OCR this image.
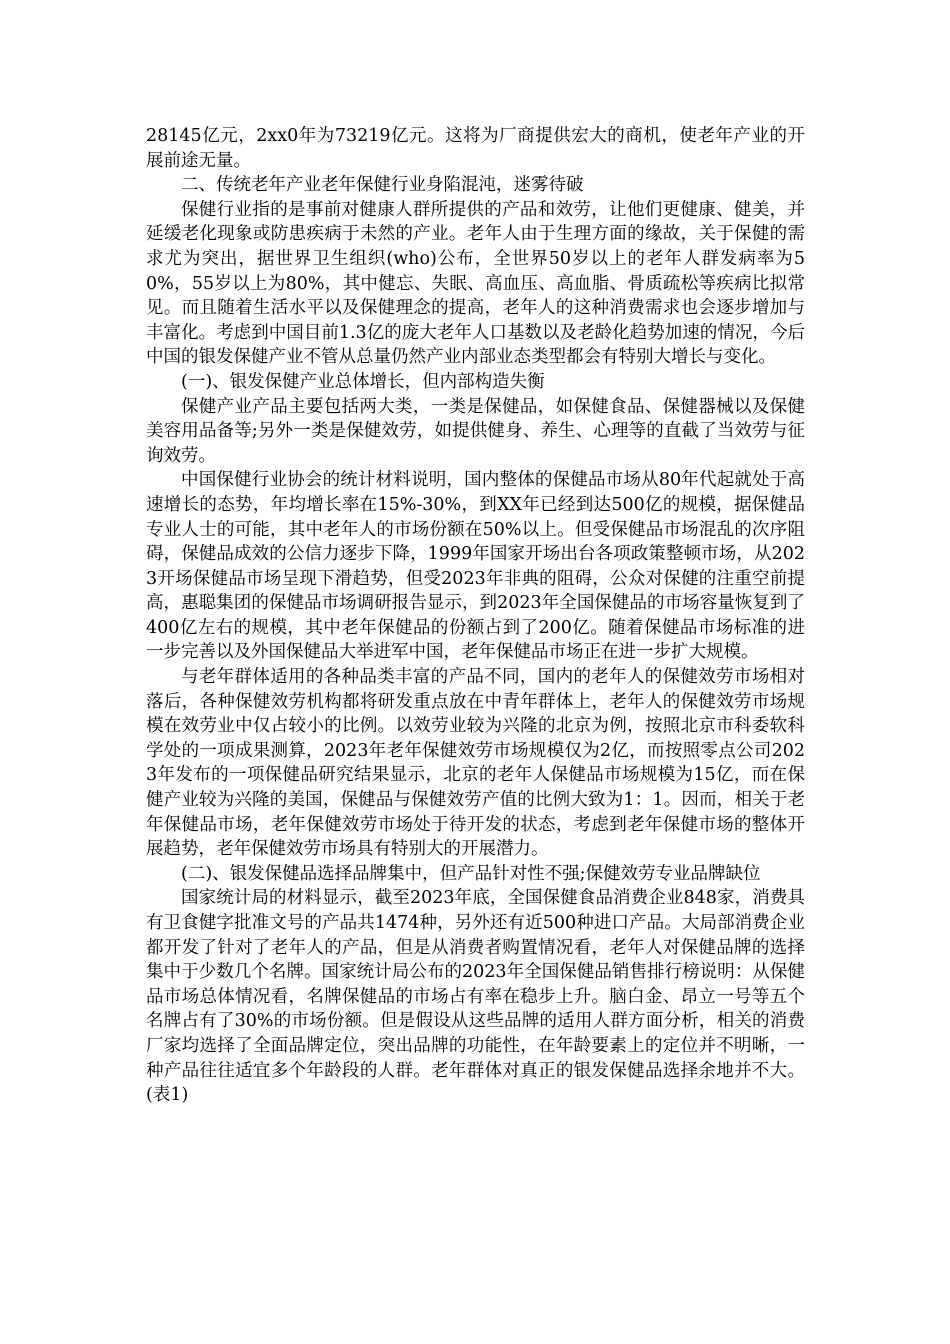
28145亿元，2xx0年为73219亿元。这将为厂商提供宏大的商机，使老年产业的开展前途无量。

二、传统老年产业老年保健行业身陷混沌，迷雾待破

保健行业指的是事前对健康人群所提供的产品和效劳，让他们更健康、健美，并延缓老化现象或防患疾病于未然的产业。老年人由于生理方面的缘故，关于保健的需求尤为突出，据世界卫生组织(who)公布，全世界50岁以上的老年人群发病率为50%，55岁以上为80%，其中健忘、失眠、高血压、高血脂、骨质疏松等疾病比拟常见。而且随着生活水平以及保健理念的提高，老年人的这种消费需求也会逐步增加与丰富化。考虑到中国目前1.3亿的庞大老年人口基数以及老龄化趋势加速的情况，今后中国的银发保健产业不管从总量仍然产业内部业态类型都会有特别大增长与变化。

(一)、银发保健产业总体增长，但内部构造失衡

保健产业产品主要包括两大类，一类是保健品，如保健食品、保健器械以及保健美容用品备等;另外一类是保健效劳，如提供健身、养生、心理等的直截了当效劳与征询效劳。

中国保健行业协会的统计材料说明，国内整体的保健品市场从80年代起就处于高速增长的态势，年均增长率在15%-30%，到XX年已经到达500亿的规模，据保健品专业人士的可能，其中老年人的市场份额在50%以上。但受保健品市场混乱的次序阻碍，保健品成效的公信力逐步下降，1999年国家开场出台各项政策整顿市场，从2023开场保健品市场呈现下滑趋势，但受2023年非典的阻碍，公众对保健的注重空前提高，惠聪集团的保健品市场调研报告显示，到2023年全国保健品的市场容量恢复到了400亿左右的规模，其中老年保健品的份额占到了200亿。随着保健品市场标准的进一步完善以及外国保健品大举进军中国，老年保健品市场正在进一步扩大规模。

与老年群体适用的各种品类丰富的产品不同，国内的老年人的保健效劳市场相对落后，各种保健效劳机构都将研发重点放在中青年群体上，老年人的保健效劳市场规模在效劳业中仅占较小的比例。以效劳业较为兴隆的北京为例，按照北京市科委软科学处的一项成果测算，2023年老年保健效劳市场规模仅为2亿，而按照零点公司2023年发布的一项保健品研究结果显示，北京的老年人保健品市场规模为15亿，而在保健产业较为兴隆的美国，保健品与保健效劳产值的比例大致为1：1。因而，相关于老年保健品市场，老年保健效劳市场处于待开发的状态，考虑到老年保健市场的整体开展趋势，老年保健效劳市场具有特别大的开展潜力。

(二)、银发保健品选择品牌集中，但产品针对性不强;保健效劳专业品牌缺位

国家统计局的材料显示，截至2023年底，全国保健食品消费企业848家，消费具有卫食健字批准文号的产品共1474种，另外还有近500种进口产品。大局部消费企业都开发了针对了老年人的产品，但是从消费者购置情况看，老年人对保健品牌的选择集中于少数几个名牌。国家统计局公布的2023年全国保健品销售排行榜说明：从保健品市场总体情况看，名牌保健品的市场占有率在稳步上升。脑白金、昂立一号等五个名牌占有了30%的市场份额。但是假设从这些品牌的适用人群方面分析，相关的消费厂家均选择了全面品牌定位，突出品牌的功能性，在年龄要素上的定位并不明晰，一种产品往往适宜多个年龄段的人群。老年群体对真正的银发保健品选择余地并不大。(表1)
